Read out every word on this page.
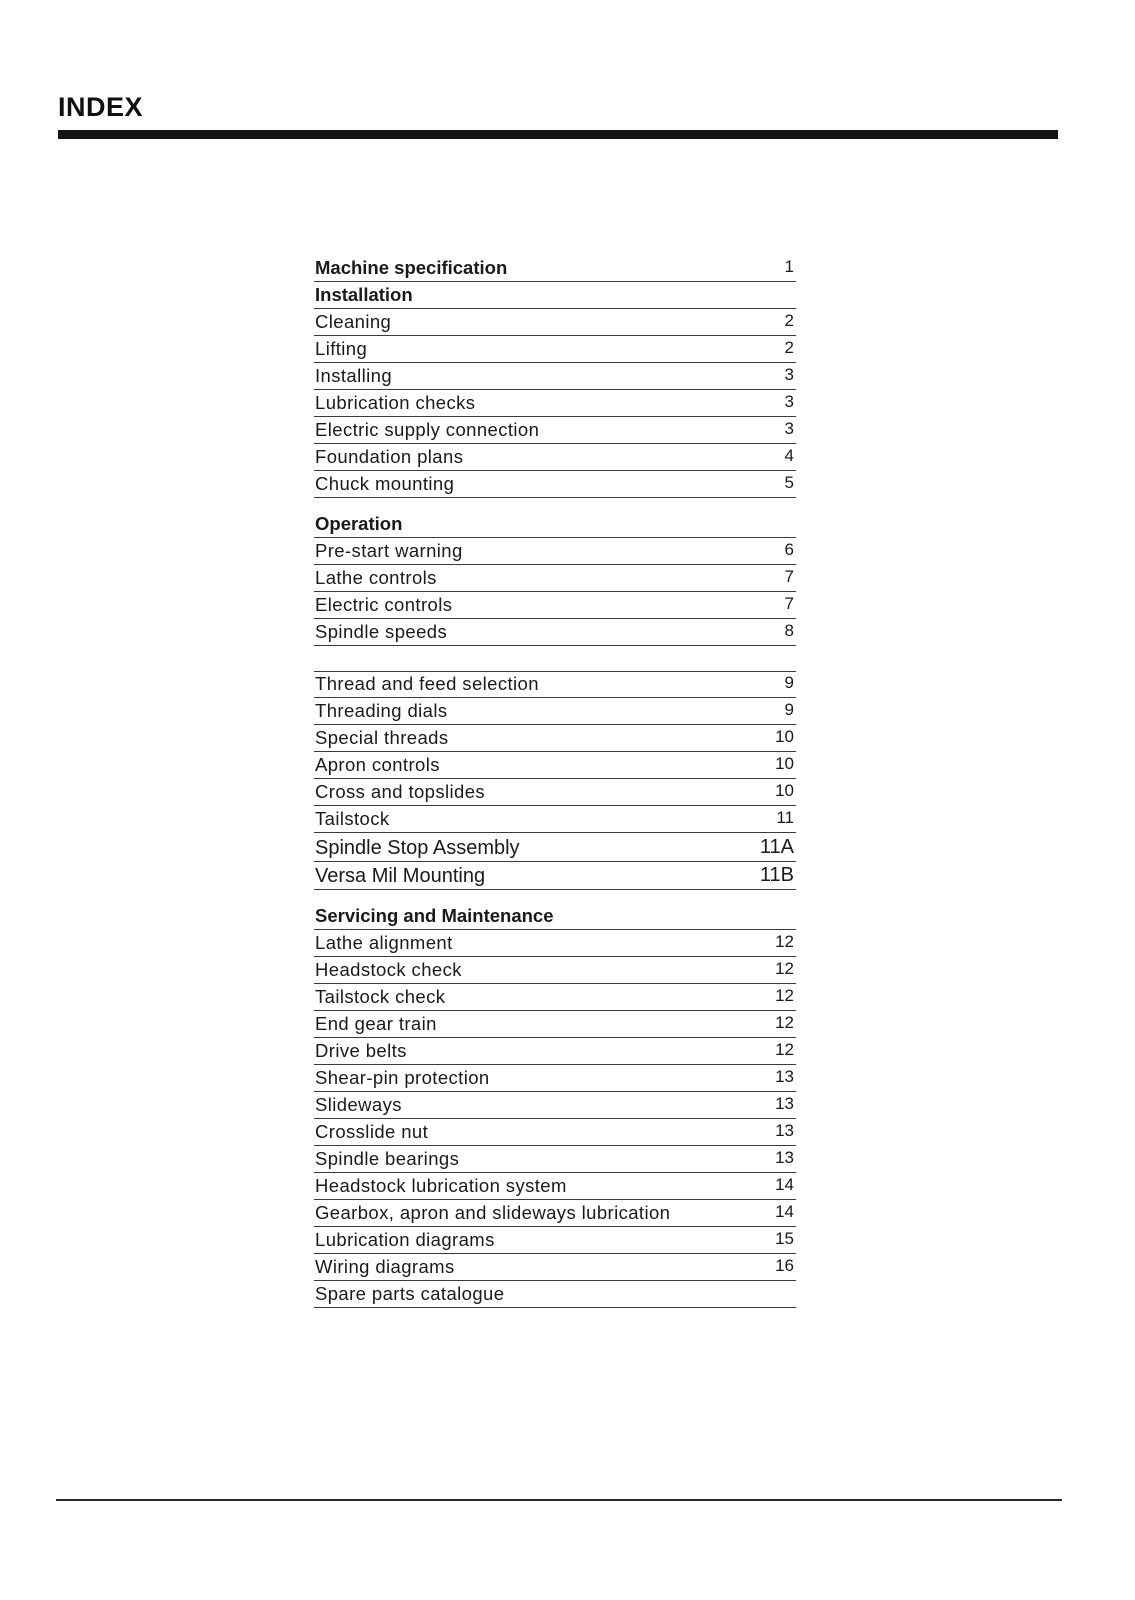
INDEX
Machine specification	1
Installation
Cleaning	2
Lifting	2
Installing	3
Lubrication checks	3
Electric supply connection	3
Foundation plans	4
Chuck mounting	5
Operation
Pre-start warning	6
Lathe controls	7
Electric controls	7
Spindle speeds	8
Thread and feed selection	9
Threading dials	9
Special threads	10
Apron controls	10
Cross and topslides	10
Tailstock	11
Spindle Stop Assembly	11A
Versa Mil Mounting	11B
Servicing and Maintenance
Lathe alignment	12
Headstock check	12
Tailstock check	12
End gear train	12
Drive belts	12
Shear-pin protection	13
Slideways	13
Crosslide nut	13
Spindle bearings	13
Headstock lubrication system	14
Gearbox, apron and slideways lubrication	14
Lubrication diagrams	15
Wiring diagrams	16
Spare parts catalogue
